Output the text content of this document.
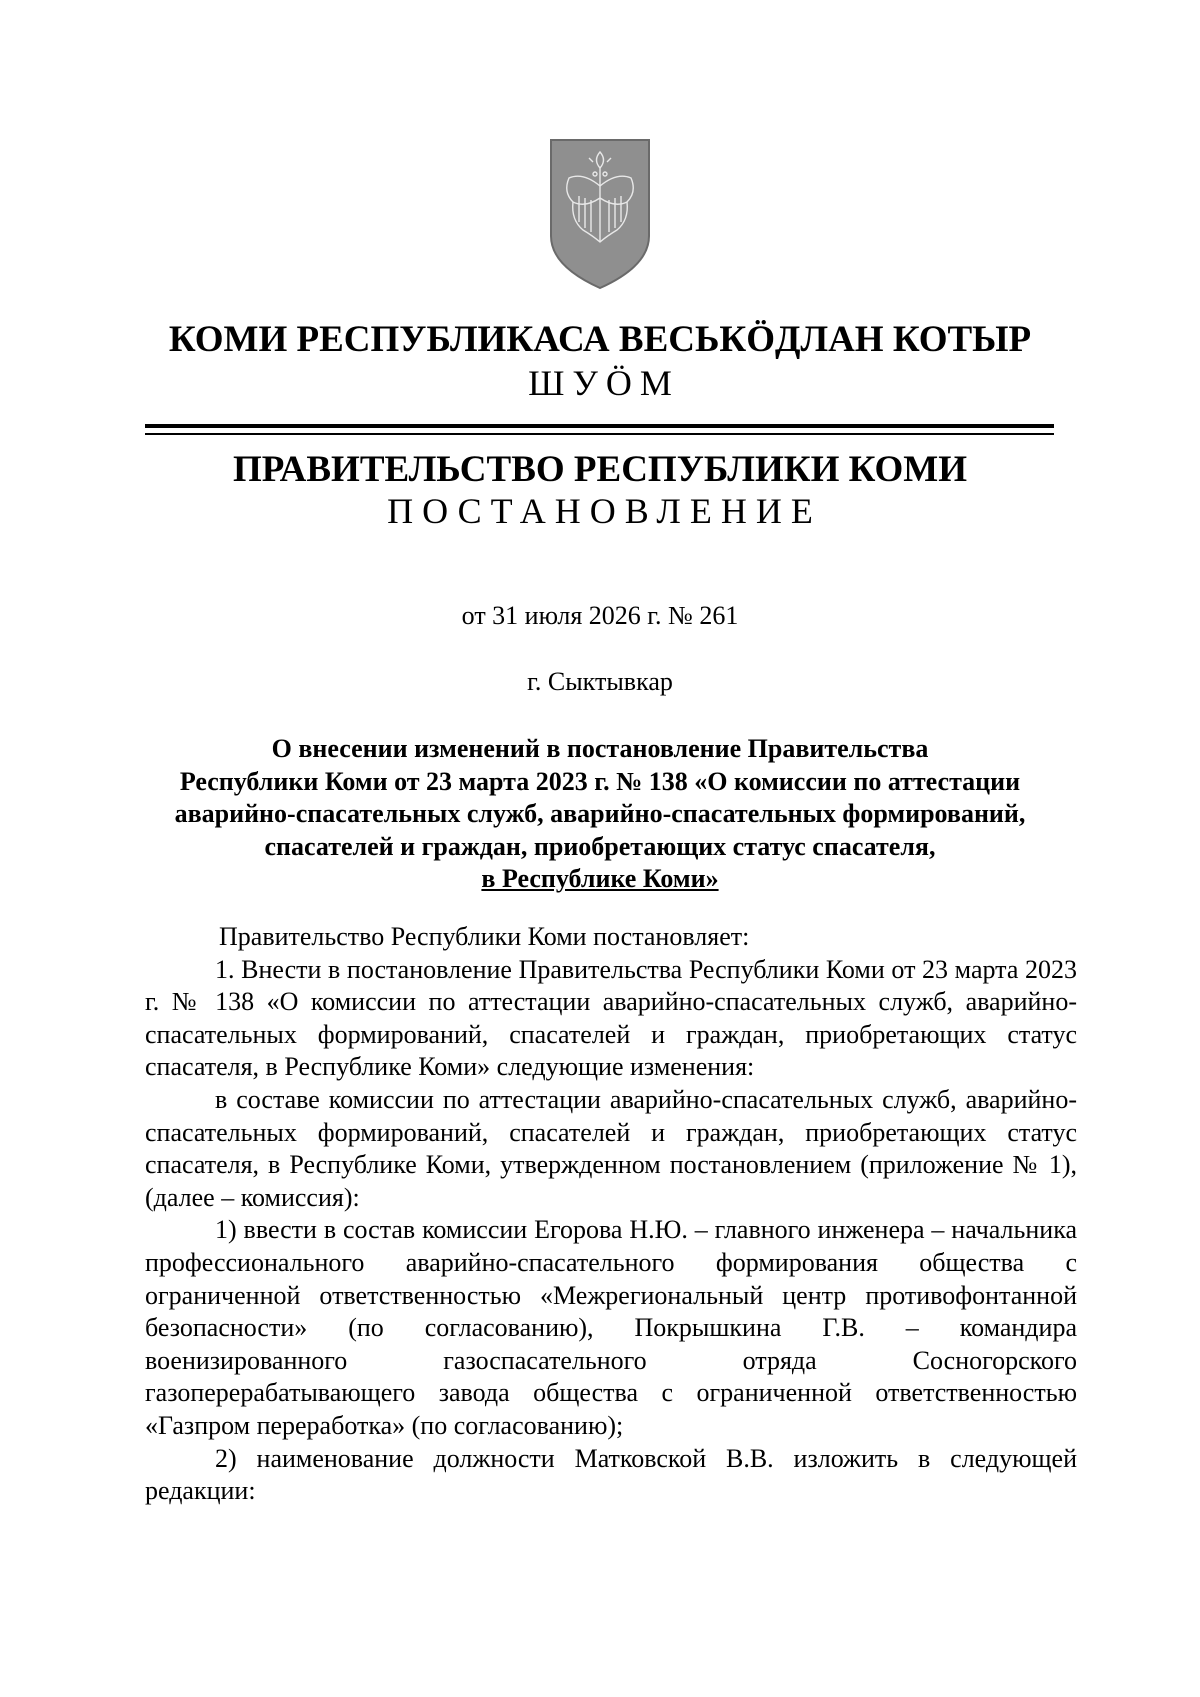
КОМИ РЕСПУБЛИКАСА ВЕСЬКӦДЛАН КОТЫР
ШУӦМ
ПРАВИТЕЛЬСТВО РЕСПУБЛИКИ КОМИ
ПОСТАНОВЛЕНИЕ
от 31 июля 2026 г. № 261
г. Сыктывкар
О внесении изменений в постановление Правительства
Республики Коми от 23 марта 2023 г. № 138 «О комиссии по аттестации
аварийно-спасательных служб, аварийно-спасательных формирований,
спасателей и граждан, приобретающих статус спасателя,
в Республике Коми»

Правительство Республики Коми постановляет:

1. Внести в постановление Правительства Республики Коми от 23 марта 2023 г. № 138 «О комиссии по аттестации аварийно-спасательных служб, аварийно-спасательных формирований, спасателей и граждан, приобретающих статус спасателя, в Республике Коми» следующие изменения:

в составе комиссии по аттестации аварийно-спасательных служб, аварийно-спасательных формирований, спасателей и граждан, приобретающих статус спасателя, в Республике Коми, утвержденном постановлением (приложение № 1), (далее – комиссия):

1) ввести в состав комиссии Егорова Н.Ю. – главного инженера – начальника профессионального аварийно-спасательного формирования общества с ограниченной ответственностью «Межрегиональный центр противофонтанной безопасности» (по согласованию), Покрышкина Г.В. – командира военизированного газоспасательного отряда Сосногорского газоперерабатывающего завода общества с ограниченной ответственностью «Газпром переработка» (по согласованию);

2) наименование должности Матковской В.В. изложить в следующей редакции:
